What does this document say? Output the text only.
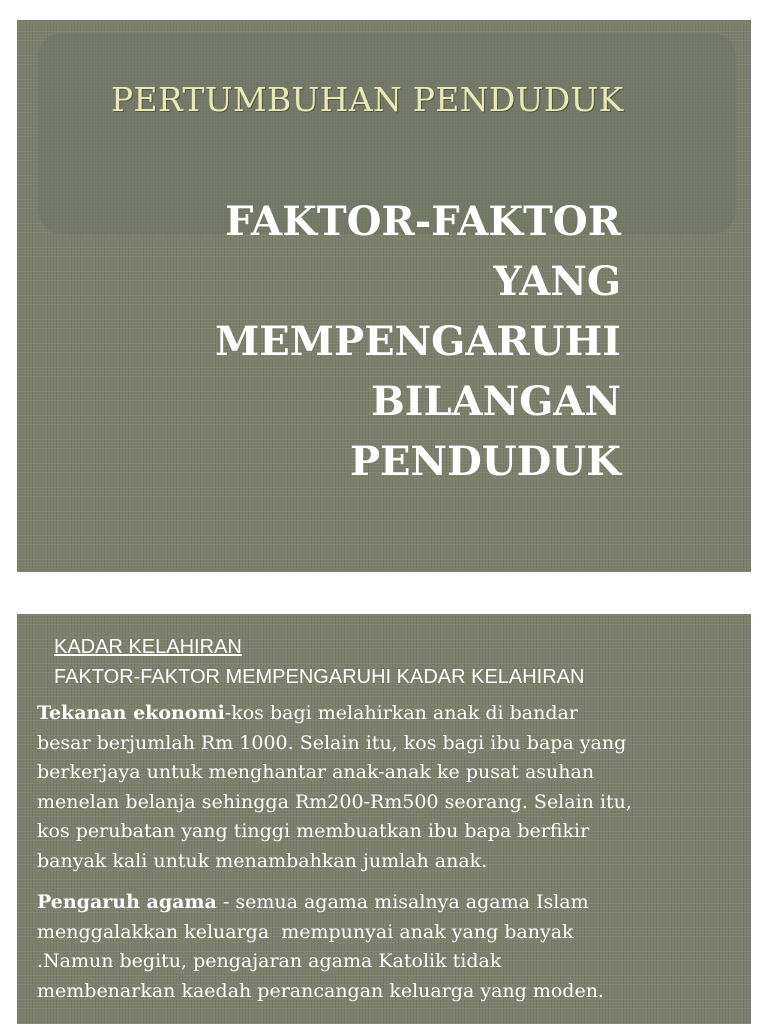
PERTUMBUHAN PENDUDUK
FAKTOR-FAKTOR
YANG
MEMPENGARUHI
BILANGAN
PENDUDUK
KADAR KELAHIRAN
FAKTOR-FAKTOR MEMPENGARUHI KADAR KELAHIRAN
Tekanan ekonomi-kos bagi melahirkan anak di bandar
besar berjumlah Rm 1000. Selain itu, kos bagi ibu bapa yang
berkerjaya untuk menghantar anak-anak ke pusat asuhan
menelan belanja sehingga Rm200-Rm500 seorang. Selain itu,
kos perubatan yang tinggi membuatkan ibu bapa berfikir
banyak kali untuk menambahkan jumlah anak.
Pengaruh agama - semua agama misalnya agama Islam
menggalakkan keluarga  mempunyai anak yang banyak
.Namun begitu, pengajaran agama Katolik tidak
membenarkan kaedah perancangan keluarga yang moden.
